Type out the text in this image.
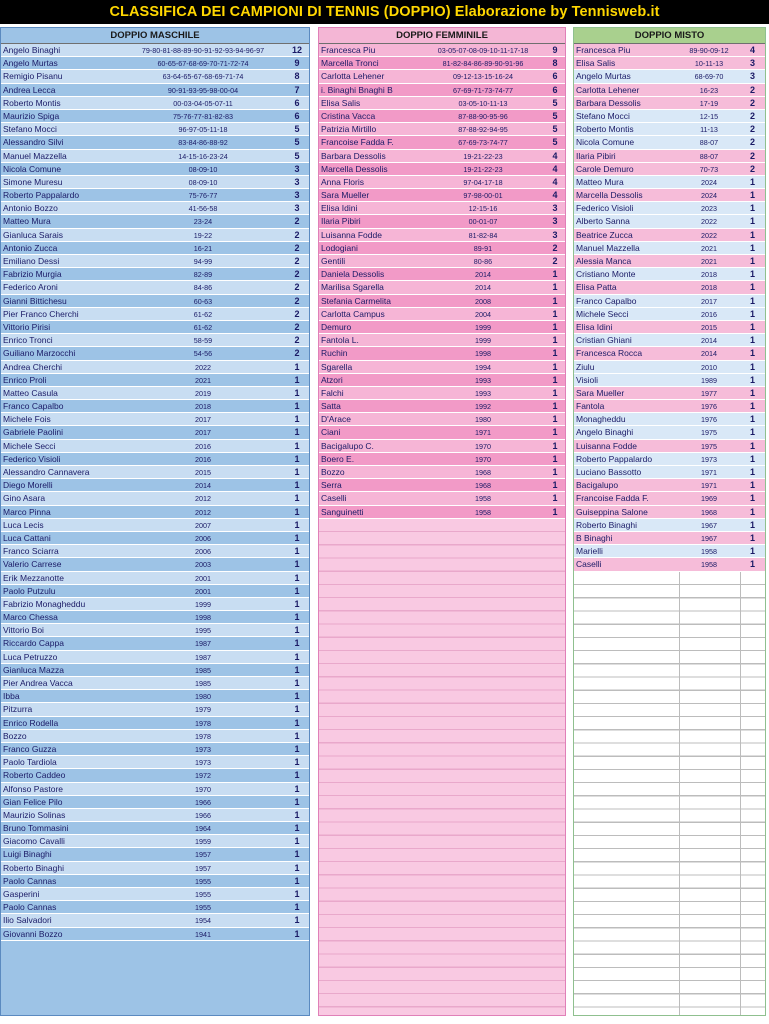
CLASSIFICA DEI CAMPIONI DI TENNIS (DOPPIO) Elaborazione by Tennisweb.it
DOPPIO MASCHILE
Angelo Binaghi	79-80-81-88-89-90-91-92-93-94-96-97	12
Angelo Murtas	60-65-67-68-69-70-71-72-74	9
Remigio Pisanu	63-64-65-67-68-69-71-74	8
Andrea Lecca	90-91-93-95-98-00-04	7
Roberto Montis	00-03-04-05-07-11	6
Maurizio Spiga	75-76-77-81-82-83	6
Stefano Mocci	96-97-05-11-18	5
Alessandro Silvi	83-84-86-88-92	5
Manuel Mazzella	14-15-16-23-24	5
Nicola Comune	08-09-10	3
Simone Muresu	08-09-10	3
Roberto Pappalardo	75-76-77	3
Antonio Bozzo	41-56-58	3
Matteo Mura	23-24	2
Gianluca Sarais	19-22	2
Antonio Zucca	16-21	2
Emiliano Dessi	94-99	2
Fabrizio Murgia	82-89	2
Federico Aroni	84-86	2
Gianni Bittichesu	60-63	2
Pier Franco Cherchi	61-62	2
Vittorio Pirisi	61-62	2
Enrico Tronci	58-59	2
Guiliano Marzocchi	54-56	2
Andrea Cherchi	2022	1
Enrico Proli	2021	1
Matteo Casula	2019	1
Franco Capalbo	2018	1
Michele Fois	2017	1
Gabriele Paolini	2017	1
Michele Secci	2016	1
Federico Visioli	2016	1
Alessandro Cannavera	2015	1
Diego Morelli	2014	1
Gino Asara	2012	1
Marco Pinna	2012	1
Luca Lecis	2007	1
Luca Cattani	2006	1
Franco Sciarra	2006	1
Valerio Carrese	2003	1
Erik Mezzanotte	2001	1
Paolo Putzulu	2001	1
Fabrizio Monagheddu	1999	1
Marco Chessa	1998	1
Vittorio Boi	1995	1
Riccardo Cappa	1987	1
Luca Petruzzo	1987	1
Gianluca Mazza	1985	1
Pier Andrea Vacca	1985	1
Ibba	1980	1
Pitzurra	1979	1
Enrico Rodella	1978	1
Bozzo	1978	1
Franco Guzza	1973	1
Paolo Tardiola	1973	1
Roberto Caddeo	1972	1
Alfonso Pastore	1970	1
Gian Felice Pilo	1966	1
Maurizio Solinas	1966	1
Bruno Tommasini	1964	1
Giacomo Cavalli	1959	1
Luigi Binaghi	1957	1
Roberto Binaghi	1957	1
Paolo Cannas	1955	1
Gasperini	1955	1
Paolo Cannas	1955	1
Ilio Salvadori	1954	1
Giovanni Bozzo	1941	1
DOPPIO FEMMINILE
Francesca Piu	03-05-07-08-09-10-11-17-18	9
Marcella Tronci	81-82-84-86-89-90-91-96	8
Carlotta Lehener	09-12-13-15-16-24	6
i. Binaghi Bnaghi B	67-69-71-73-74-77	6
Elisa Salis	03-05-10-11-13	5
Cristina Vacca	87-88-90-95-96	5
Patrizia Mirtillo	87-88-92-94-95	5
Francoise Fadda F.	67-69-73-74-77	5
Barbara Dessolis	19-21-22-23	4
Marcella Dessolis	19-21-22-23	4
Anna Floris	97-04-17-18	4
Sara Mueller	97-98-00-01	4
Elisa Idini	12-15-16	3
Ilaria Pibiri	00-01-07	3
Luisanna Fodde	81-82-84	3
Lodogiani	89-91	2
Gentili	80-86	2
Daniela Dessolis	2014	1
Marilisa Sgarella	2014	1
Stefania Carmelita	2008	1
Carlotta Campus	2004	1
Demuro	1999	1
Fantola L.	1999	1
Ruchin	1998	1
Sgarella	1994	1
Atzori	1993	1
Falchi	1993	1
Satta	1992	1
D'Arace	1980	1
Ciani	1971	1
Bacigalupo C.	1970	1
Boero E.	1970	1
Bozzo	1968	1
Serra	1968	1
Caselli	1958	1
Sanguinetti	1958	1
DOPPIO MISTO
Francesca Piu	89-90-09-12	4
Elisa Salis	10-11-13	3
Angelo Murtas	68-69-70	3
Carlotta Lehener	16-23	2
Barbara Dessolis	17-19	2
Stefano Mocci	12-15	2
Roberto Montis	11-13	2
Nicola Comune	88-07	2
Ilaria Pibiri	88-07	2
Carole Demuro	70-73	2
Matteo Mura	2024	1
Marcella Dessolis	2024	1
Federico Visioli	2023	1
Alberto Sanna	2022	1
Beatrice Zucca	2022	1
Manuel Mazzella	2021	1
Alessia Manca	2021	1
Cristiano Monte	2018	1
Elisa Patta	2018	1
Franco Capalbo	2017	1
Michele Secci	2016	1
Elisa Idini	2015	1
Cristian Ghiani	2014	1
Francesca Rocca	2014	1
Ziulu	2010	1
Visioli	1989	1
Sara Mueller	1977	1
Fantola	1976	1
Monagheddu	1976	1
Angelo Binaghi	1975	1
Luisanna Fodde	1975	1
Roberto Pappalardo	1973	1
Luciano Bassotto	1971	1
Bacigalupo	1971	1
Francoise Fadda F.	1969	1
Guiseppina Salone	1968	1
Roberto Binaghi	1967	1
B Binaghi	1967	1
Marielli	1958	1
Caselli	1958	1
